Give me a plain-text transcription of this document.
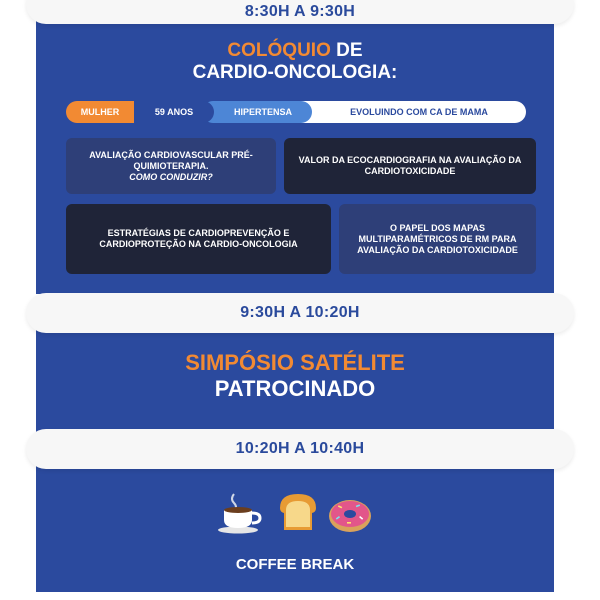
COLÓQUIO DE
CARDIO-ONCOLOGIA:
MULHER	59 ANOS	HIPERTENSA	EVOLUINDO COM CA DE MAMA
AVALIAÇÃO CARDIOVASCULAR PRÉ-QUIMIOTERAPIA.
COMO CONDUZIR?
VALOR DA ECOCARDIOGRAFIA NA AVALIAÇÃO DA CARDIOTOXICIDADE
ESTRATÉGIAS DE CARDIOPREVENÇÃO E CARDIOPROTEÇÃO NA CARDIO-ONCOLOGIA
O PAPEL DOS MAPAS MULTIPARAMÉTRICOS DE RM PARA AVALIAÇÃO DA CARDIOTOXICIDADE
8:30H A 9:30H
SIMPÓSIO SATÉLITE
PATROCINADO
9:30H A 10:20H
COFFEE BREAK
10:20H A 10:40H
